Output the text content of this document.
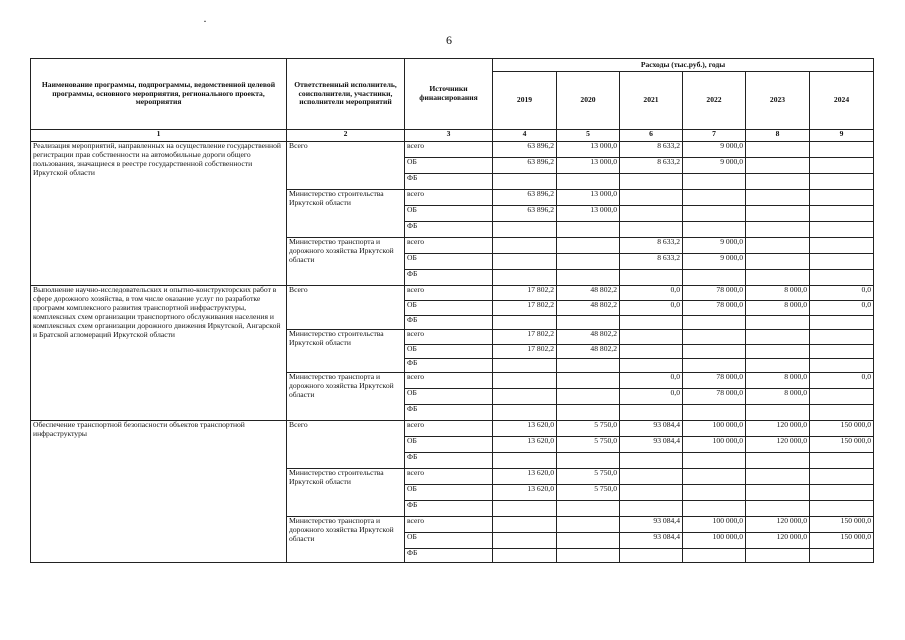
·
6
Наименование программы, подпрограммы, ведомственной целевой программы, основного мероприятия, регионального проекта, мероприятия	Ответственный исполнитель, соисполнители, участники, исполнители мероприятий	Источники финансирования	Расходы (тыс.руб.), годы					
			2019	2020	2021	2022	2023	2024
1	2	3	4	5	6	7	8	9
Реализация мероприятий, направленных на осуществление государственной регистрации прав собственности на автомобильные дороги общего пользования, значащиеся в реестре государственной собственности Иркутской области	Всего	всего	63 896,2	13 000,0	8 633,2	9 000,0		
		ОБ	63 896,2	13 000,0	8 633,2	9 000,0		
		ФБ						
	Министерство строительства Иркутской области	всего	63 896,2	13 000,0				
		ОБ	63 896,2	13 000,0				
		ФБ						
	Министерство транспорта и дорожного хозяйства Иркутской области	всего			8 633,2	9 000,0		
		ОБ			8 633,2	9 000,0		
		ФБ						
Выполнение научно-исследовательских и опытно-конструкторских работ в сфере дорожного хозяйства, в том числе оказание услуг по разработке программ комплексного развития транспортной инфраструктуры, комплексных схем организации транспортного обслуживания населения и комплексных схем организации дорожного движения Иркутской, Ангарской и Братской агломераций Иркутской области	Всего	всего	17 802,2	48 802,2	0,0	78 000,0	8 000,0	0,0
		ОБ	17 802,2	48 802,2	0,0	78 000,0	8 000,0	0,0
		ФБ						
	Министерство строительства Иркутской области	всего	17 802,2	48 802,2				
		ОБ	17 802,2	48 802,2				
		ФБ						
	Министерство транспорта и дорожного хозяйства Иркутской области	всего			0,0	78 000,0	8 000,0	0,0
		ОБ			0,0	78 000,0	8 000,0	
		ФБ						
Обеспечение транспортной безопасности объектов транспортной инфраструктуры	Всего	всего	13 620,0	5 750,0	93 084,4	100 000,0	120 000,0	150 000,0
		ОБ	13 620,0	5 750,0	93 084,4	100 000,0	120 000,0	150 000,0
		ФБ						
	Министерство строительства Иркутской области	всего	13 620,0	5 750,0				
		ОБ	13 620,0	5 750,0				
		ФБ						
	Министерство транспорта и дорожного хозяйства Иркутской области	всего			93 084,4	100 000,0	120 000,0	150 000,0
		ОБ			93 084,4	100 000,0	120 000,0	150 000,0
		ФБ						
